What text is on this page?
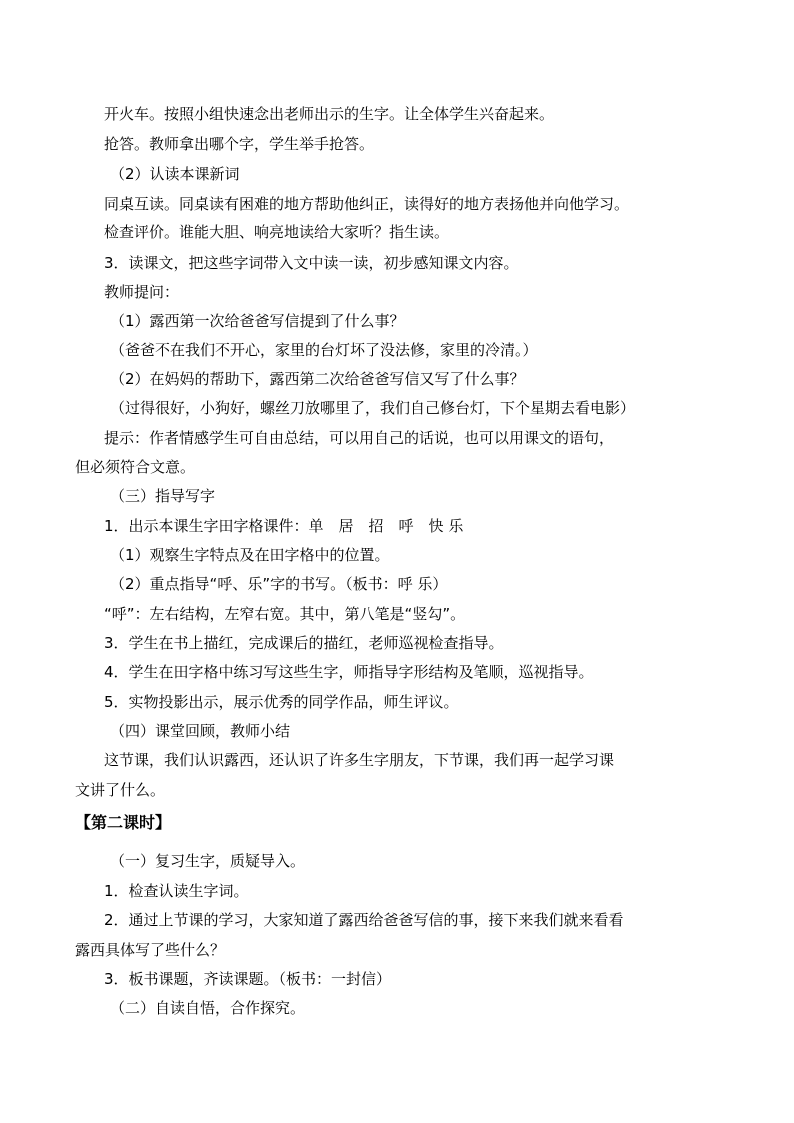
开火车。按照小组快速念出老师出示的生字。让全体学生兴奋起来。
抢答。教师拿出哪个字，学生举手抢答。
（2）认读本课新词
同桌互读。同桌读有困难的地方帮助他纠正，读得好的地方表扬他并向他学习。
检查评价。谁能大胆、响亮地读给大家听？指生读。
3．读课文，把这些字词带入文中读一读，初步感知课文内容。
教师提问：
（1）露西第一次给爸爸写信提到了什么事？
（爸爸不在我们不开心，家里的台灯坏了没法修，家里的冷清。）
（2）在妈妈的帮助下，露西第二次给爸爸写信又写了什么事？
（过得很好，小狗好，螺丝刀放哪里了，我们自己修台灯，下个星期去看电影）
提示：作者情感学生可自由总结，可以用自己的话说，也可以用课文的语句，
但必须符合文意。
（三）指导写字
1．出示本课生字田字格课件：单　居　招　呼　快 乐
（1）观察生字特点及在田字格中的位置。
（2）重点指导“呼、乐”字的书写。（板书：呼 乐）
“呼”：左右结构，左窄右宽。其中，第八笔是“竖勾”。
3．学生在书上描红，完成课后的描红，老师巡视检查指导。
4．学生在田字格中练习写这些生字，师指导字形结构及笔顺，巡视指导。
5．实物投影出示，展示优秀的同学作品，师生评议。
（四）课堂回顾，教师小结
这节课，我们认识露西，还认识了许多生字朋友，下节课，我们再一起学习课
文讲了什么。
【第二课时】
（一）复习生字，质疑导入。
1．检查认读生字词。
2．通过上节课的学习，大家知道了露西给爸爸写信的事，接下来我们就来看看
露西具体写了些什么？
3．板书课题，齐读课题。（板书：一封信）
（二）自读自悟，合作探究。
